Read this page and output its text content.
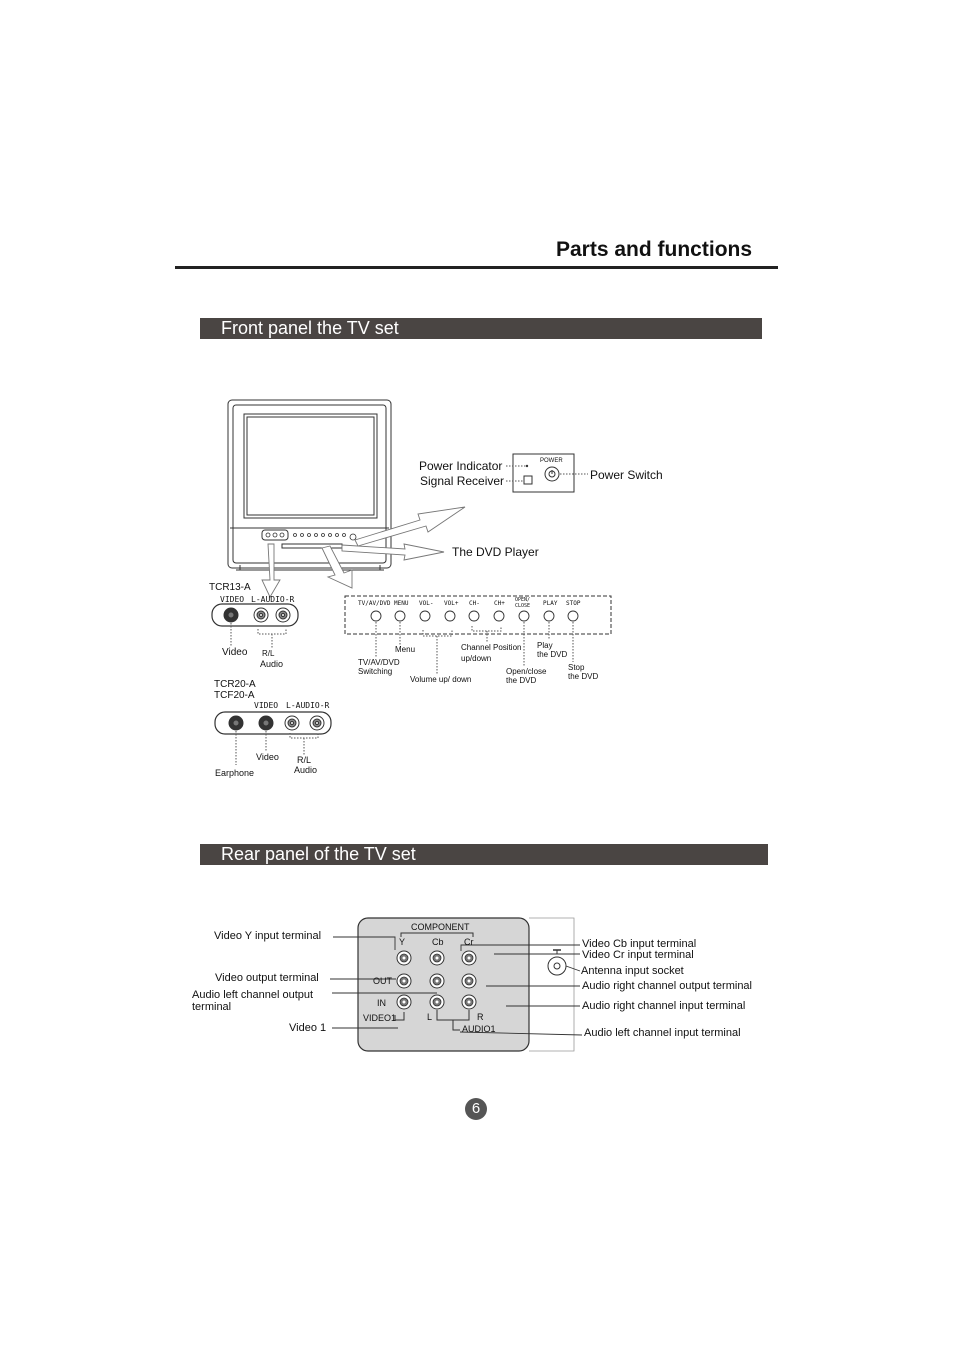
Parts and functions
Front panel the TV set
Rear panel of the TV set
Power Indicator
Signal Receiver
POWER
Power Switch
The DVD Player
TCR13-A
VIDEO L-AUDIO-R
Video R/L
Audio
TCR20-A
TCF20-A
VIDEO L-AUDIO-R
Video R/L
Audio
Earphone
TV/AV/DVD MENU VOL- VOL+ CH- CH+ OPEN/
CLOSE PLAY STOP
TV/AV/DVD
Switching
Menu
Volume up/ down
Channel Position
up/down
Open/close
the DVD
Play
the DVD
Stop
the DVD
COMPONENT
Y	Cb Cr
OUT
IN
VIDEO1	L	R
AUDIO1
Video Y input terminal
Video output terminal
Audio left channel output
terminal
Video 1
Video Cb input terminal
Video Cr input terminal
Antenna input socket
Audio right channel output terminal
Audio right channel input terminal
Audio left channel input terminal
6
